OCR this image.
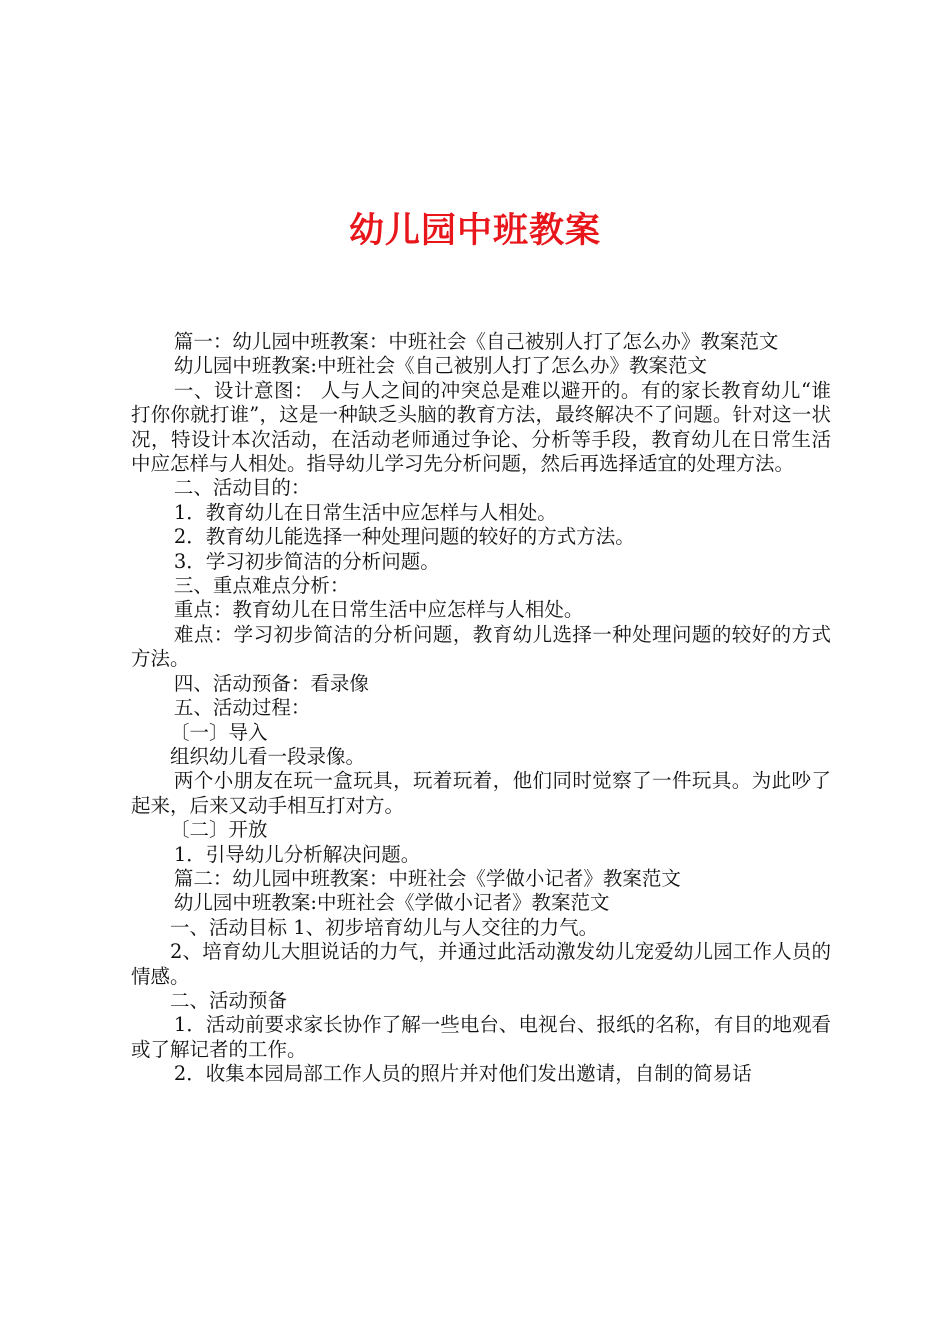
幼儿园中班教案

篇一：幼儿园中班教案：中班社会《自己被别人打了怎么办》教案范文

幼儿园中班教案:中班社会《自己被别人打了怎么办》教案范文

一、设计意图： 人与人之间的冲突总是难以避开的。有的家长教育幼儿“谁打你你就打谁”，这是一种缺乏头脑的教育方法，最终解决不了问题。针对这一状况，特设计本次活动，在活动老师通过争论、分析等手段，教育幼儿在日常生活中应怎样与人相处。指导幼儿学习先分析问题，然后再选择适宜的处理方法。

二、活动目的：

1．教育幼儿在日常生活中应怎样与人相处。

2．教育幼儿能选择一种处理问题的较好的方式方法。

3．学习初步简洁的分析问题。

三、重点难点分析：

重点：教育幼儿在日常生活中应怎样与人相处。

难点：学习初步简洁的分析问题，教育幼儿选择一种处理问题的较好的方式方法。

四、活动预备：看录像

五、活动过程：

〔一〕导入

组织幼儿看一段录像。

两个小朋友在玩一盒玩具，玩着玩着，他们同时觉察了一件玩具。为此吵了起来，后来又动手相互打对方。

〔二〕开放

1．引导幼儿分析解决问题。

篇二：幼儿园中班教案：中班社会《学做小记者》教案范文

幼儿园中班教案:中班社会《学做小记者》教案范文

一、活动目标 1、初步培育幼儿与人交往的力气。

2、培育幼儿大胆说话的力气，并通过此活动激发幼儿宠爱幼儿园工作人员的情感。

二、活动预备

1．活动前要求家长协作了解一些电台、电视台、报纸的名称，有目的地观看或了解记者的工作。

2．收集本园局部工作人员的照片并对他们发出邀请，自制的简易话
